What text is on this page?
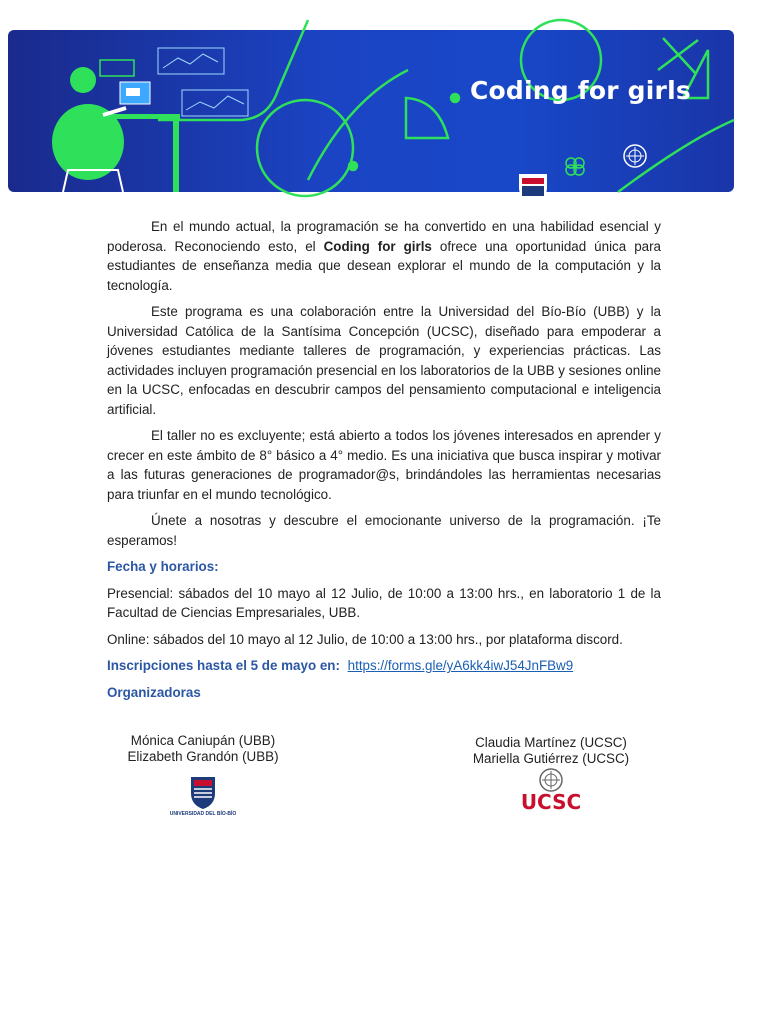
Coding for girls
UNIVERSIDAD DEL BÍO-BÍO	UCSC

En el mundo actual, la programación se ha convertido en una habilidad esencial y poderosa. Reconociendo esto, el Coding for girls ofrece una oportunidad única para estudiantes de enseñanza media que desean explorar el mundo de la computación y la tecnología.

Este programa es una colaboración entre la Universidad del Bío-Bío (UBB) y la Universidad Católica de la Santísima Concepción (UCSC), diseñado para empoderar a jóvenes estudiantes mediante talleres de programación, y experiencias prácticas. Las actividades incluyen programación presencial en los laboratorios de la UBB y sesiones online en la UCSC, enfocadas en descubrir campos del pensamiento computacional e inteligencia artificial.

El taller no es excluyente; está abierto a todos los jóvenes interesados en aprender y crecer en este ámbito de 8° básico a 4° medio. Es una iniciativa que busca inspirar y motivar a las futuras generaciones de programador@s, brindándoles las herramientas necesarias para triunfar en el mundo tecnológico.

Únete a nosotras y descubre el emocionante universo de la programación. ¡Te esperamos!

Fecha y horarios:

Presencial: sábados del 10 mayo al 12 Julio, de 10:00 a 13:00 hrs., en laboratorio 1 de la Facultad de Ciencias Empresariales, UBB.

Online: sábados del 10 mayo al 12 Julio, de 10:00 a 13:00 hrs., por plataforma discord.

Inscripciones hasta el 5 de mayo en: https://forms.gle/yA6kk4iwJ54JnFBw9
Organizadoras
Mónica Caniupán (UBB)
Elizabeth Grandón (UBB)
Claudia Martínez (UCSC)
Mariella Gutiérrez (UCSC)
UNIVERSIDAD DEL BÍO-BÍO	UCSC
